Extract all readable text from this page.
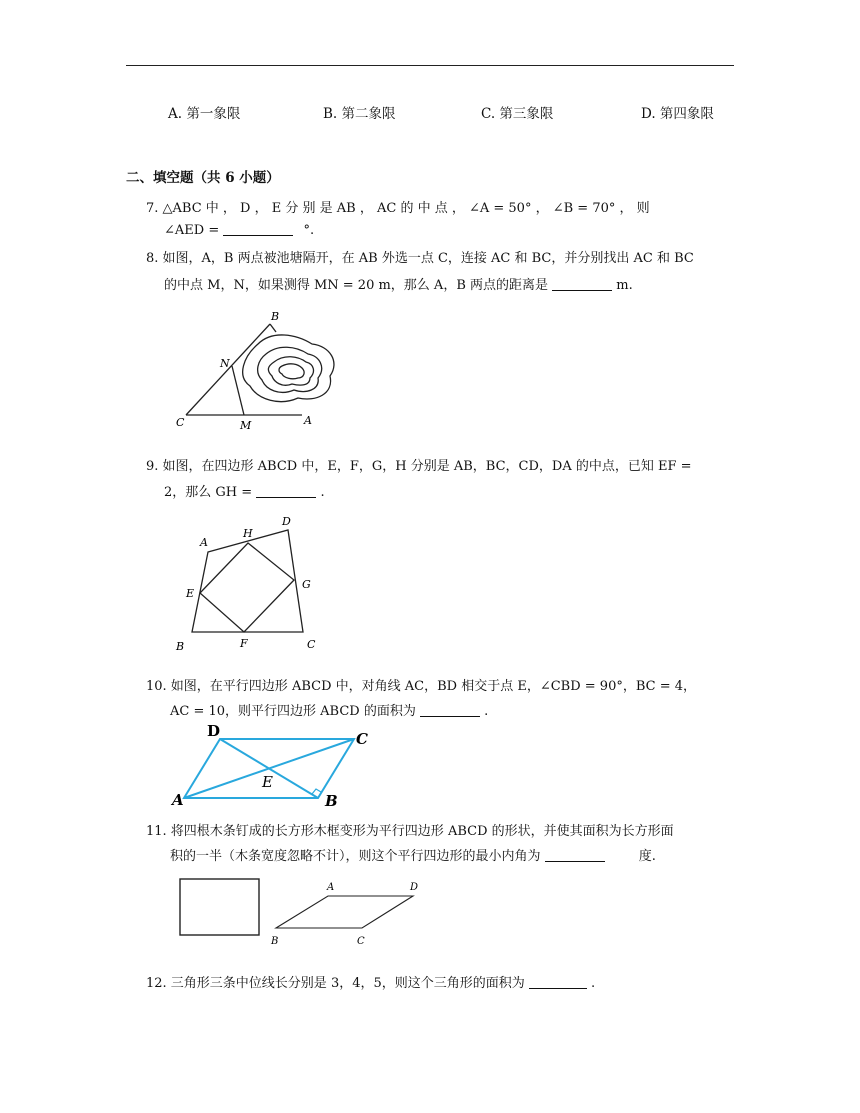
A. 第一象限	B. 第二象限	C. 第三象限	D. 第四象限
二、填空题（共 6 小题）
7. △ABC 中 ， D ， E 分 别 是 AB ， AC 的 中 点 ， ∠A = 50° ， ∠B = 70° ， 则
∠AED =	°.
8. 如图，A，B 两点被池塘隔开，在 AB 外选一点 C，连接 AC 和 BC，并分别找出 AC 和 BC
的中点 M，N，如果测得 MN = 20 m，那么 A，B 两点的距离是	m.
B
N
C	M	A
9. 如图，在四边形 ABCD 中，E，F，G，H 分别是 AB，BC，CD，DA 的中点，已知 EF =
2，那么 GH =	.
A
H
D
E
G
B	F	C
10. 如图，在平行四边形 ABCD 中，对角线 AC，BD 相交于点 E，∠CBD = 90°，BC = 4，
AC = 10，则平行四边形 ABCD 的面积为	.
D	C
E
A	B
11. 将四根木条钉成的长方形木框变形为平行四边形 ABCD 的形状，并使其面积为长方形面
积的一半（木条宽度忽略不计），则这个平行四边形的最小内角为	度.
A	D
B	C
12. 三角形三条中位线长分别是 3，4，5，则这个三角形的面积为	.
